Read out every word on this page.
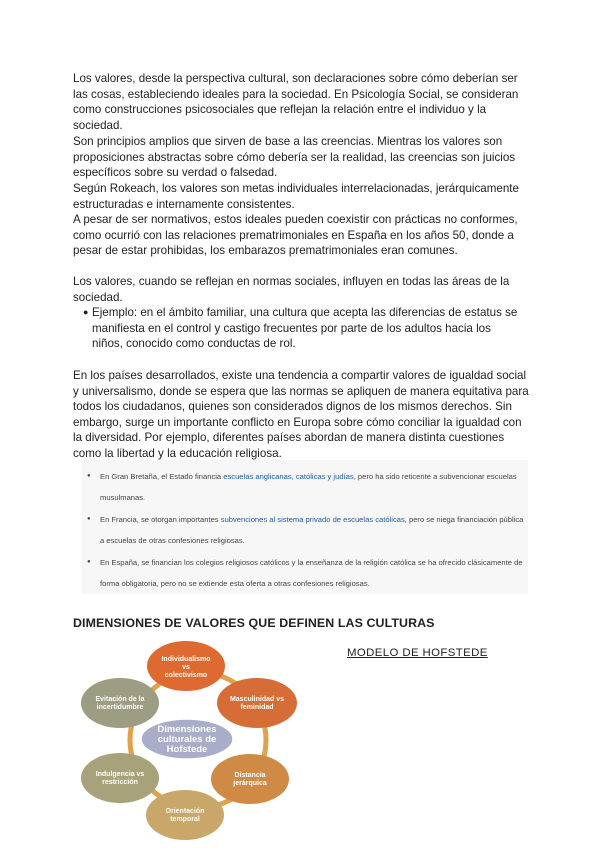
Los valores, desde la perspectiva cultural, son declaraciones sobre cómo deberían ser las cosas, estableciendo ideales para la sociedad. En Psicología Social, se consideran como construcciones psicosociales que reflejan la relación entre el individuo y la sociedad.

Son principios amplios que sirven de base a las creencias. Mientras los valores son proposiciones abstractas sobre cómo debería ser la realidad, las creencias son juicios específicos sobre su verdad o falsedad.

Según Rokeach, los valores son metas individuales interrelacionadas, jerárquicamente estructuradas e internamente consistentes.

A pesar de ser normativos, estos ideales pueden coexistir con prácticas no conformes, como ocurrió con las relaciones prematrimoniales en España en los años 50, donde a pesar de estar prohibidas, los embarazos prematrimoniales eran comunes.

Los valores, cuando se reflejan en normas sociales, influyen en todas las áreas de la sociedad.

● Ejemplo: en el ámbito familiar, una cultura que acepta las diferencias de estatus se manifiesta en el control y castigo frecuentes por parte de los adultos hacia los niños, conocido como conductas de rol.

En los países desarrollados, existe una tendencia a compartir valores de igualdad social y universalismo, donde se espera que las normas se apliquen de manera equitativa para todos los ciudadanos, quienes son considerados dignos de los mismos derechos. Sin embargo, surge un importante conflicto en Europa sobre cómo conciliar la igualdad con la diversidad. Por ejemplo, diferentes países abordan de manera distinta cuestiones como la libertad y la educación religiosa.

● En Gran Bretaña, el Estado financia escuelas anglicanas, católicas y judías, pero ha sido reticente a subvencionar escuelas musulmanas.
● En Francia, se otorgan importantes subvenciones al sistema privado de escuelas católicas, pero se niega financiación pública a escuelas de otras confesiones religiosas.
● En España, se financian los colegios religiosos católicos y la enseñanza de la religión católica se ha ofrecido clásicamente de forma obligatoria, pero no se extiende esta oferta a otras confesiones religiosas.
DIMENSIONES DE VALORES QUE DEFINEN LAS CULTURAS
MODELO DE HOFSTEDE
Individualismo
vs
colectivismo
Masculinidad vs
feminidad
Distancia
jerárquica
Orientación
temporal
Indulgencia vs
restricción
Evitación de la
incertidumbre
Dimensiones
culturales de
Hofstede
